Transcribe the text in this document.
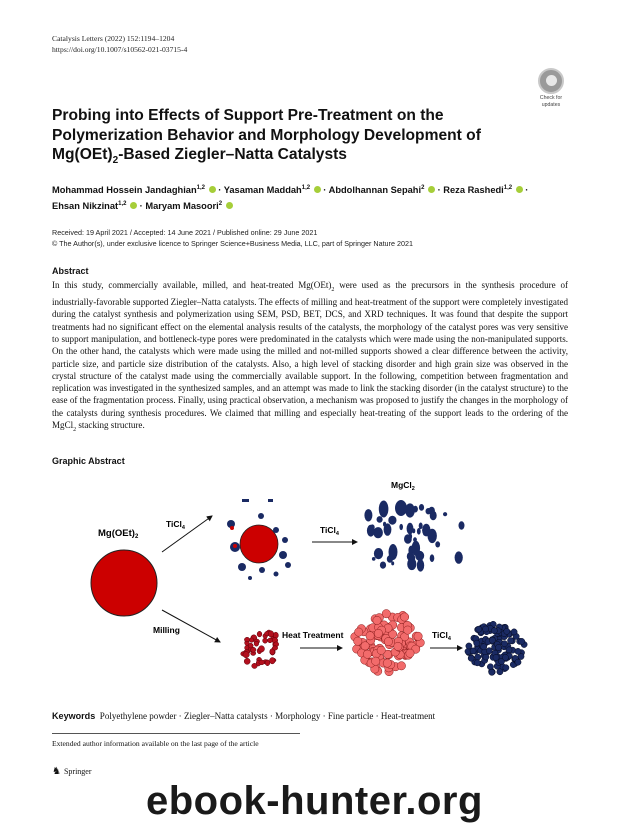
Catalysis Letters (2022) 152:1194–1204
https://doi.org/10.1007/s10562-021-03715-4
Check for
updates
Probing into Effects of Support Pre-Treatment on the Polymerization Behavior and Morphology Development of $Mg(OEt)_2$-Based Ziegler–Natta Catalysts
Mohammad Hossein Jandaghian$^{1,2}$  · Yasaman Maddah$^{1,2}$  · Abdolhannan Sepahi$^2$  · Reza Rashedi$^{1,2}$  ·
Ehsan Nikzinat$^{1,2}$  · Maryam Masoori$^2$
Received: 19 April 2021 / Accepted: 14 June 2021 / Published online: 29 June 2021
© The Author(s), under exclusive licence to Springer Science+Business Media, LLC, part of Springer Nature 2021
Abstract
In this study, commercially available, milled, and heat-treated $Mg(OEt)_2$ were used as the precursors in the synthesis procedure of industrially-favorable supported Ziegler–Natta catalysts. The effects of milling and heat-treatment of the support were completely investigated during the catalyst synthesis and polymerization using SEM, PSD, BET, DCS, and XRD techniques. It was found that despite the support treatments had no significant effect on the elemental analysis results of the catalysts, the morphology of the catalyst pores was very sensitive to support manipulation, and bottleneck-type pores were predominated in the catalysts which were made using the non-manipulated supports. On the other hand, the catalysts which were made using the milled and not-milled supports showed a clear difference between the activity, particle size, and particle size distribution of the catalysts. Also, a high level of stacking disorder and high grain size was observed in the crystal structure of the catalyst made using the commercially available support. In the following, competition between fragmentation and replication was investigated in the synthesized samples, and an attempt was made to link the stacking disorder (in the catalyst structure) to the ease of the fragmentation process. Finally, using practical observation, a mechanism was proposed to justify the changes in the morphology of the catalysts during synthesis procedures. We claimed that milling and especially heat-treating of the support leads to the ordering of the MgCl$_2$ stacking structure.
Graphic Abstract
$Mg(OEt)_2$
TiCl$_4$
Milling
TiCl$_4$
MgCl$_2$
Heat Treatment	TiCl$_4$
Keywords Polyethylene powder · Ziegler–Natta catalysts · Morphology · Fine particle · Heat-treatment
Extended author information available on the last page of the article
♞ Springer
ebook-hunter.org
